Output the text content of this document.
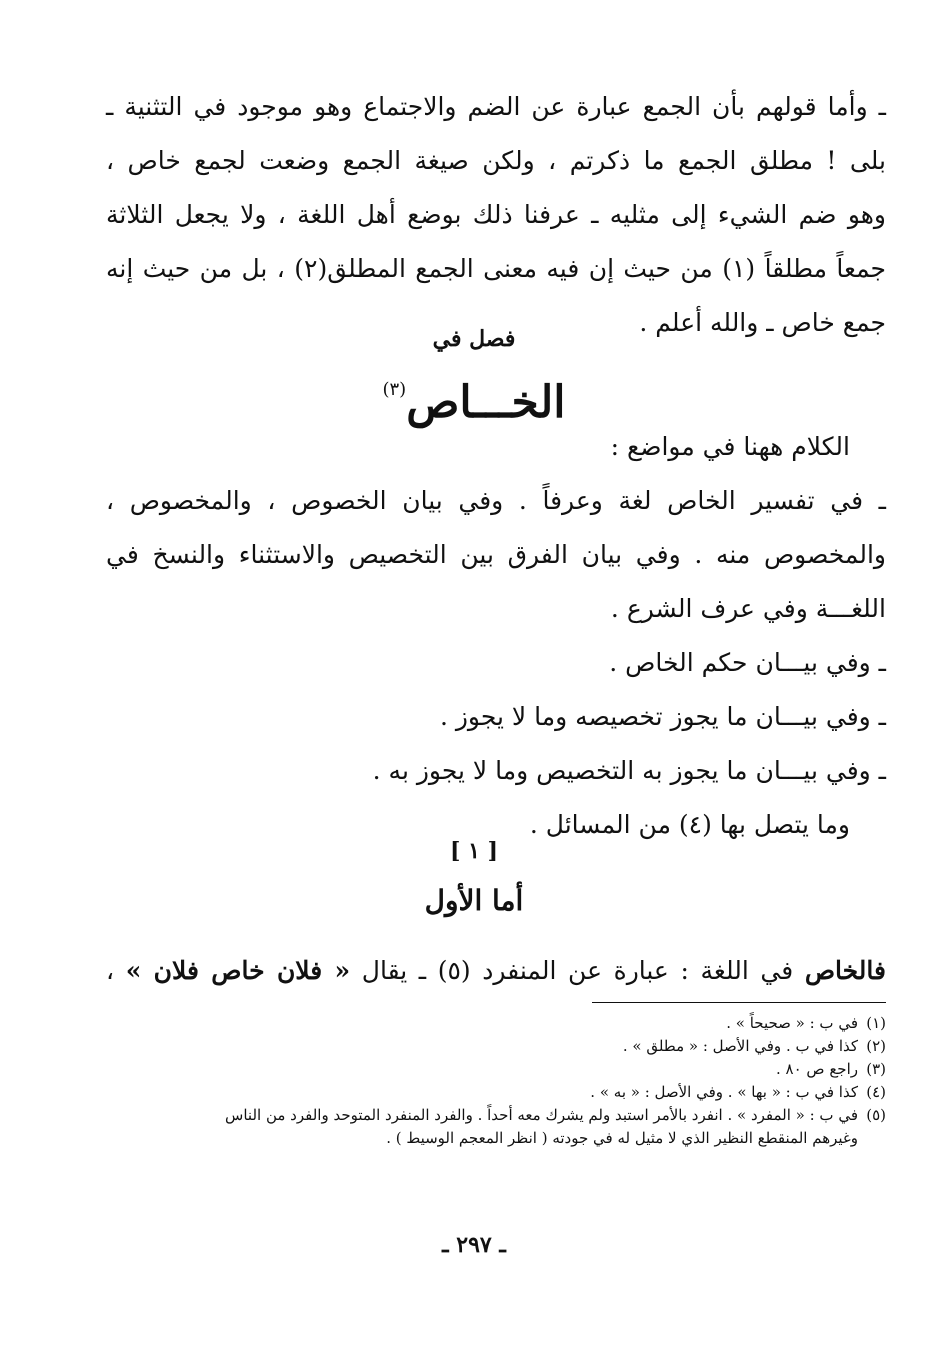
ـ وأما قولهم بأن الجمع عبارة عن الضم والاجتماع وهو موجود في التثنية ـ
بلى ! مطلق الجمع ما ذكرتم ، ولكن صيغة الجمع وضعت لجمع خاص ،
وهو ضم الشيء إلى مثليه ـ عرفنا ذلك بوضع أهل اللغة ، ولا يجعل الثلاثة
جمعاً مطلقاً (١) من حيث إن فيه معنى الجمع المطلق(٢) ، بل من حيث إنه
جمع خاص ـ والله أعلم .
فصل في
الخـــاص$^{(٣)}$
الكلام ههنا في مواضع :
ـ في تفسير الخاص لغة وعرفاً . وفي بيان الخصوص ، والمخصوص ،
والمخصوص منه . وفي بيان الفرق بين التخصيص والاستثناء والنسخ في
اللغـــة وفي عرف الشرع .
ـ وفي بيـــان حكم الخاص .
ـ وفي بيـــان ما يجوز تخصيصه وما لا يجوز .
ـ وفي بيـــان ما يجوز به التخصيص وما لا يجوز به .
وما يتصل بها (٤) من المسائل .
[ ١ ]
أما الأول
فالخاص في اللغة : عبارة عن المنفرد (٥) ـ يقال « فلان خاص فلان » ،
(١)في ب : « صحيحاً » .
(٢)كذا في ب . وفي الأصل : « مطلق » .
(٣)راجع ص ٨٠ .
(٤)كذا في ب : « بها » . وفي الأصل : « به » .
(٥)في ب : « المفرد » . انفرد بالأمر استبد ولم يشرك معه أحداً . والفرد المنفرد المتوحد والفرد من الناس
وغيرهم المنقطع النظير الذي لا مثيل له في جودته ( انظر المعجم الوسيط ) .
ـ ٢٩٧ ـ
